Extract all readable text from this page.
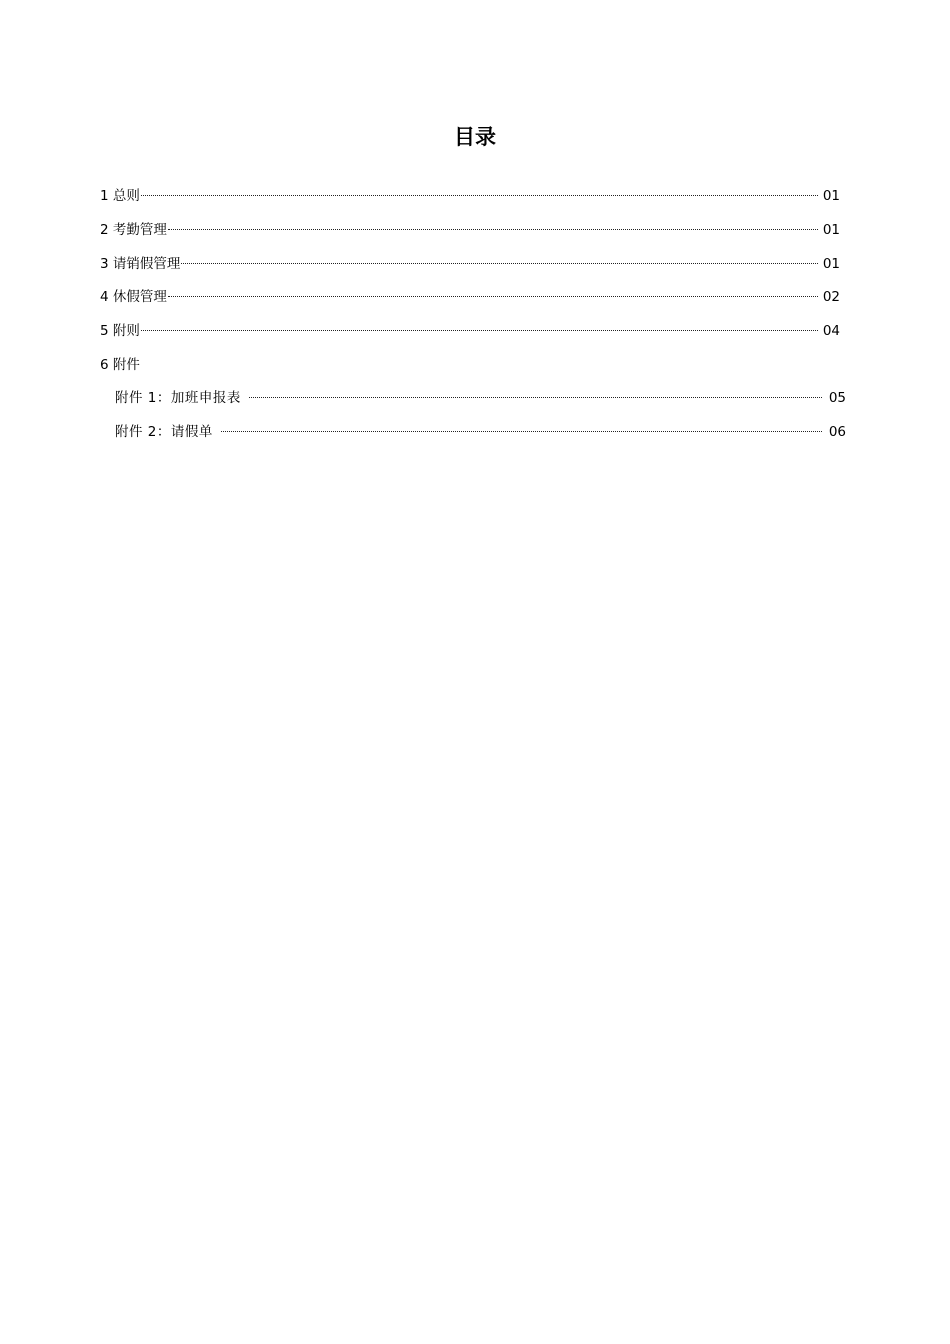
目录
1 总则	01
2 考勤管理	01
3 请销假管理	01
4 休假管理	02
5 附则	04
6 附件
附件 1：加班申报表	05
附件 2：请假单	06
